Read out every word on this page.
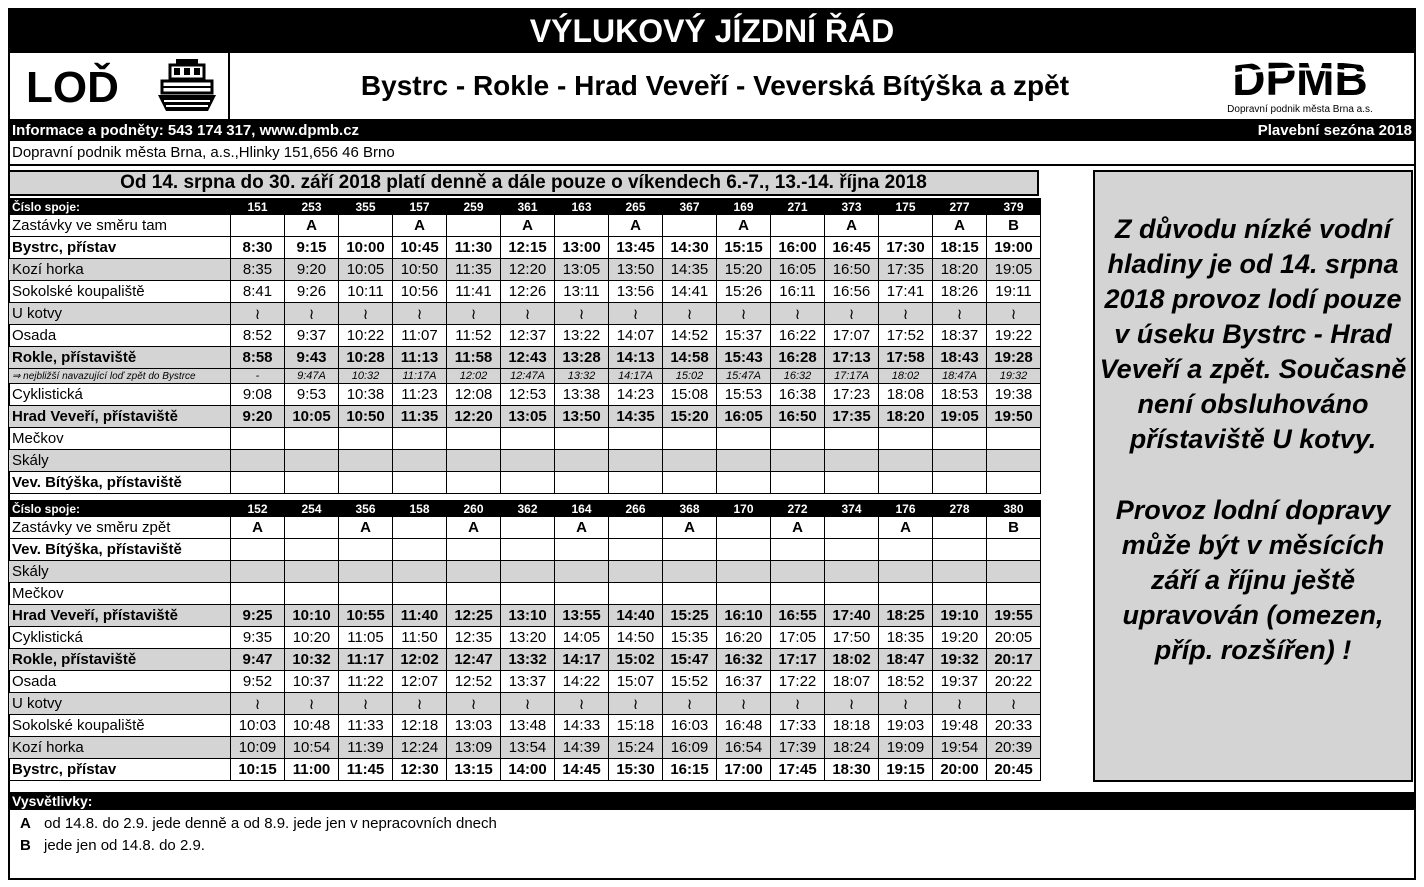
VÝLUKOVÝ JÍZDNÍ ŘÁD
LOĎ	Bystrc - Rokle - Hrad Veveří - Veverská Bítýška a zpět	DPMB
Dopravní podnik města Brna a.s.
Informace a podněty: 543 174 317, www.dpmb.cz	Plavební sezóna 2018
Dopravní podnik města Brna, a.s.,Hlinky 151,656 46 Brno
Od 14. srpna do 30. září 2018 platí denně a dále pouze o víkendech 6.-7., 13.-14. října 2018
Číslo spoje:	151	253	355	157	259	361	163	265	367	169	271	373	175	277	379
Zastávky ve směru tam		A		A		A		A		A		A		A	B
Bystrc, přístav	8:30	9:15	10:00	10:45	11:30	12:15	13:00	13:45	14:30	15:15	16:00	16:45	17:30	18:15	19:00
Kozí horka	8:35	9:20	10:05	10:50	11:35	12:20	13:05	13:50	14:35	15:20	16:05	16:50	17:35	18:20	19:05
Sokolské koupaliště	8:41	9:26	10:11	10:56	11:41	12:26	13:11	13:56	14:41	15:26	16:11	16:56	17:41	18:26	19:11
U kotvy	≀	≀	≀	≀	≀	≀	≀	≀	≀	≀	≀	≀	≀	≀	≀
Osada	8:52	9:37	10:22	11:07	11:52	12:37	13:22	14:07	14:52	15:37	16:22	17:07	17:52	18:37	19:22
Rokle, přístaviště	8:58	9:43	10:28	11:13	11:58	12:43	13:28	14:13	14:58	15:43	16:28	17:13	17:58	18:43	19:28
⇒ nejbližší navazující loď zpět do Bystrce	-	9:47A	10:32	11:17A	12:02	12:47A	13:32	14:17A	15:02	15:47A	16:32	17:17A	18:02	18:47A	19:32
Cyklistická	9:08	9:53	10:38	11:23	12:08	12:53	13:38	14:23	15:08	15:53	16:38	17:23	18:08	18:53	19:38
Hrad Veveří, přístaviště	9:20	10:05	10:50	11:35	12:20	13:05	13:50	14:35	15:20	16:05	16:50	17:35	18:20	19:05	19:50
Mečkov															
Skály															
Vev. Bítýška, přístaviště															
Číslo spoje:	152	254	356	158	260	362	164	266	368	170	272	374	176	278	380
Zastávky ve směru zpět	A		A		A		A		A		A		A		B
Vev. Bítýška, přístaviště															
Skály															
Mečkov															
Hrad Veveří, přístaviště	9:25	10:10	10:55	11:40	12:25	13:10	13:55	14:40	15:25	16:10	16:55	17:40	18:25	19:10	19:55
Cyklistická	9:35	10:20	11:05	11:50	12:35	13:20	14:05	14:50	15:35	16:20	17:05	17:50	18:35	19:20	20:05
Rokle, přístaviště	9:47	10:32	11:17	12:02	12:47	13:32	14:17	15:02	15:47	16:32	17:17	18:02	18:47	19:32	20:17
Osada	9:52	10:37	11:22	12:07	12:52	13:37	14:22	15:07	15:52	16:37	17:22	18:07	18:52	19:37	20:22
U kotvy	≀	≀	≀	≀	≀	≀	≀	≀	≀	≀	≀	≀	≀	≀	≀
Sokolské koupaliště	10:03	10:48	11:33	12:18	13:03	13:48	14:33	15:18	16:03	16:48	17:33	18:18	19:03	19:48	20:33
Kozí horka	10:09	10:54	11:39	12:24	13:09	13:54	14:39	15:24	16:09	16:54	17:39	18:24	19:09	19:54	20:39
Bystrc, přístav	10:15	11:00	11:45	12:30	13:15	14:00	14:45	15:30	16:15	17:00	17:45	18:30	19:15	20:00	20:45

Z důvodu nízké vodní hladiny je od 14. srpna 2018 provoz lodí pouze v úseku Bystrc - Hrad Veveří a zpět. Současně není obsluhováno přístaviště U kotvy.

Provoz lodní dopravy může být v měsících září a říjnu ještě upravován (omezen, příp. rozšířen) !

Vysvětlivky:
A od 14.8. do 2.9. jede denně a od 8.9. jede jen v nepracovních dnech
B jede jen od 14.8. do 2.9.
